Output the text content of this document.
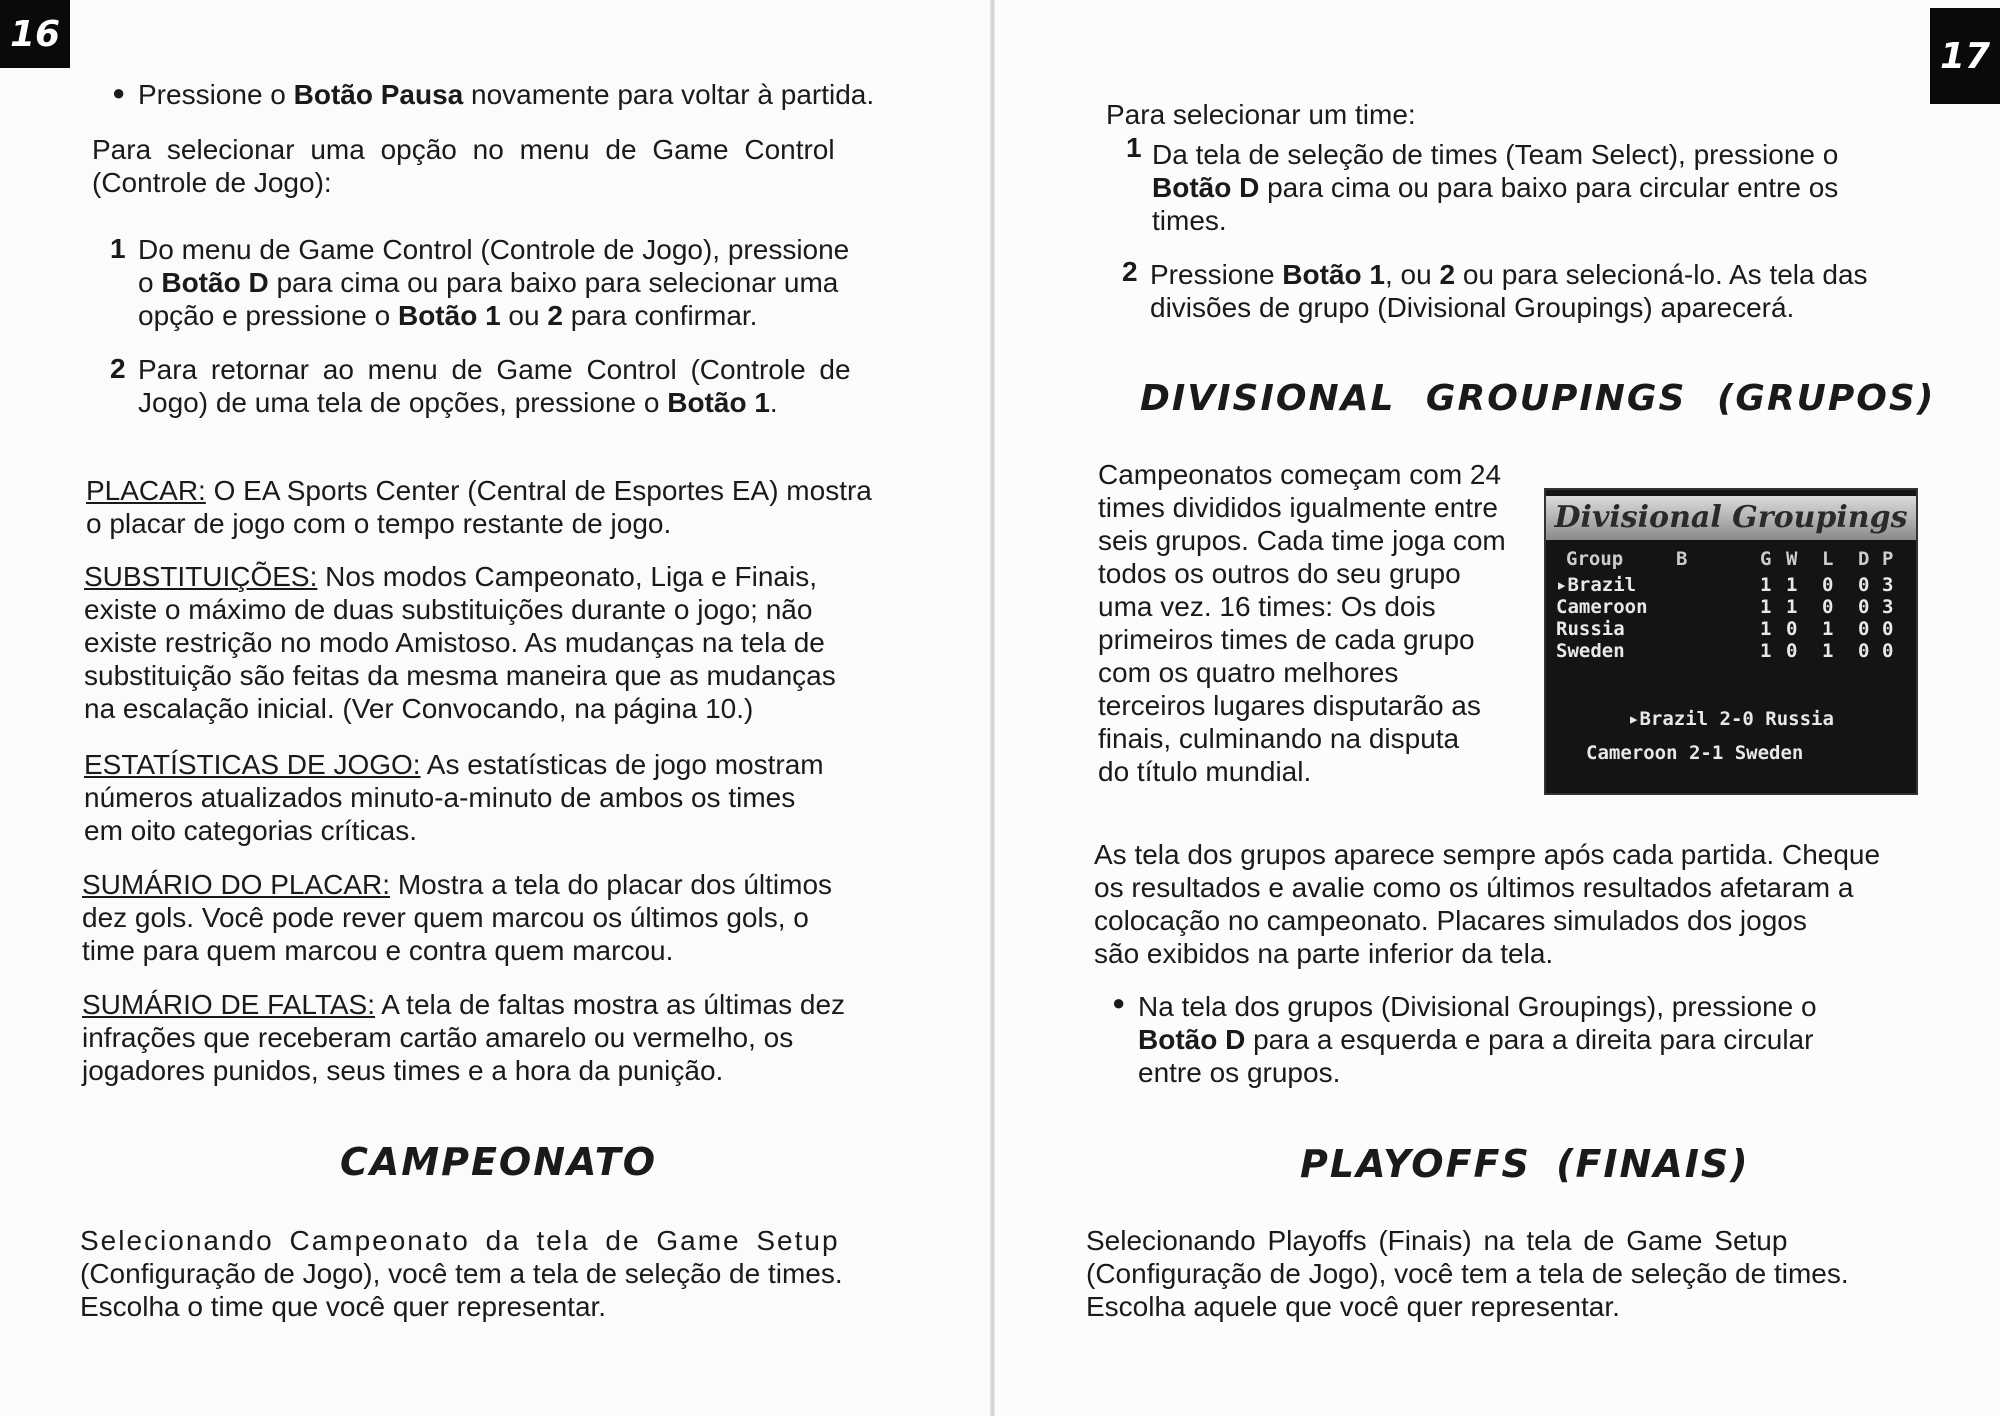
16
● Pressione o Botão Pausa novamente para voltar à partida.

Para selecionar uma opção no menu de Game Control

(Controle de Jogo):

1 Do menu de Game Control (Controle de Jogo), pressione

o Botão D para cima ou para baixo para selecionar uma

opção e pressione o Botão 1 ou 2 para confirmar.

2 Para retornar ao menu de Game Control (Controle de

Jogo) de uma tela de opções, pressione o Botão 1.

PLACAR: O EA Sports Center (Central de Esportes EA) mostra

o placar de jogo com o tempo restante de jogo.

SUBSTITUIÇÕES: Nos modos Campeonato, Liga e Finais,

existe o máximo de duas substituições durante o jogo; não

existe restrição no modo Amistoso. As mudanças na tela de

substituição são feitas da mesma maneira que as mudanças

na escalação inicial. (Ver Convocando, na página 10.)

ESTATÍSTICAS DE JOGO: As estatísticas de jogo mostram

números atualizados minuto-a-minuto de ambos os times

em oito categorias críticas.

SUMÁRIO DO PLACAR: Mostra a tela do placar dos últimos

dez gols. Você pode rever quem marcou os últimos gols, o

time para quem marcou e contra quem marcou.

SUMÁRIO DE FALTAS: A tela de faltas mostra as últimas dez

infrações que receberam cartão amarelo ou vermelho, os

jogadores punidos, seus times e a hora da punição.

CAMPEONATO

Selecionando Campeonato da tela de Game Setup

(Configuração de Jogo), você tem a tela de seleção de times.

Escolha o time que você quer representar.

17

Para selecionar um time:

1 Da tela de seleção de times (Team Select), pressione o

Botão D para cima ou para baixo para circular entre os

times.

2 Pressione Botão 1, ou 2 ou para selecioná-lo. As tela das

divisões de grupo (Divisional Groupings) aparecerá.

DIVISIONAL GROUPINGS (GRUPOS)

Campeonatos começam com 24

times divididos igualmente entre

seis grupos. Cada time joga com

todos os outros do seu grupo

uma vez. 16 times: Os dois

primeiros times de cada grupo

com os quatro melhores

terceiros lugares disputarão as

finais, culminando na disputa

do título mundial.

Divisional Groupings
Group	B	G W L D P
▸Brazil	1 1 0 0 3
Cameroon	1 1 0 0 3
Russia	1 0 1 0 0
Sweden	1 0 1 0 0
▸Brazil 2-0 Russia
Cameroon 2-1 Sweden

As tela dos grupos aparece sempre após cada partida. Cheque

os resultados e avalie como os últimos resultados afetaram a

colocação no campeonato. Placares simulados dos jogos

são exibidos na parte inferior da tela.

● Na tela dos grupos (Divisional Groupings), pressione o

Botão D para a esquerda e para a direita para circular

entre os grupos.

PLAYOFFS (FINAIS)

Selecionando Playoffs (Finais) na tela de Game Setup

(Configuração de Jogo), você tem a tela de seleção de times.

Escolha aquele que você quer representar.
